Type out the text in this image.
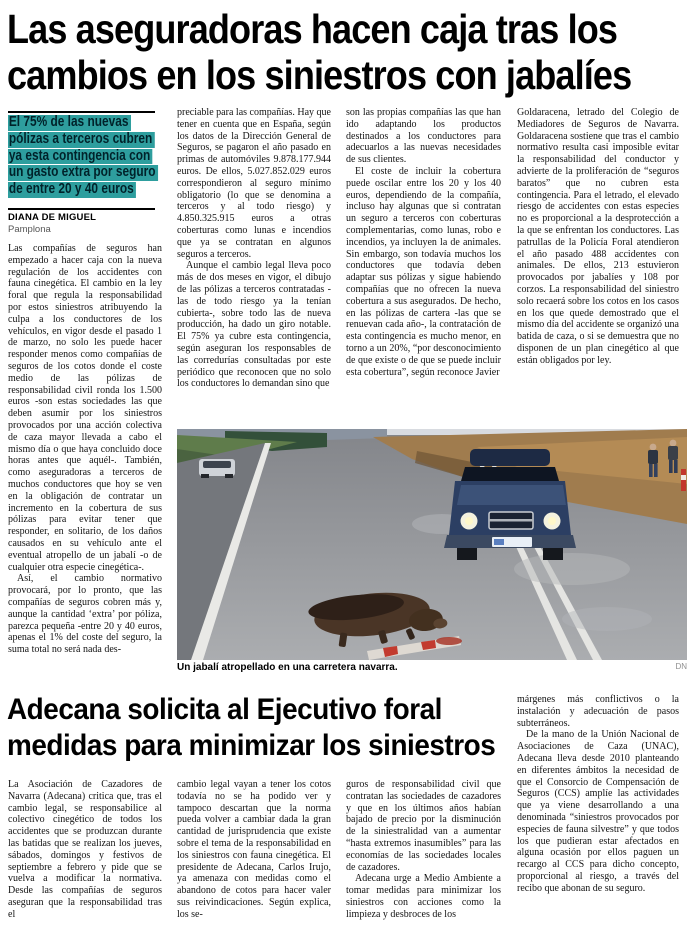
Las aseguradoras hacen caja tras los
cambios en los siniestros con jabalíes
El 75% de las nuevas
pólizas a terceros cubren
ya esta contingencia con
un gasto extra por seguro
de entre 20 y 40 euros
DIANA DE MIGUEL
Pamplona

Las compañías de seguros han empezado a hacer caja con la nueva regulación de los accidentes con fauna cinegética. El cambio en la ley foral que regula la responsabilidad por estos siniestros atribuyendo la culpa a los conductores de los vehículos, en vigor desde el pasado 1 de marzo, no solo les puede hacer responder menos como compañías de seguros de los cotos donde el coste medio de las pólizas de responsabilidad civil ronda los 1.500 euros -son estas sociedades las que deben asumir por los siniestros provocados por una acción colectiva de caza mayor llevada a cabo el mismo día o que haya concluido doce horas antes que aquél-. También, como aseguradoras a terceros de muchos conductores que hoy se ven en la obligación de contratar un incremento en la cobertura de sus pólizas para evitar tener que responder, en solitario, de los daños causados en su vehículo ante el eventual atropello de un jabalí -o de cualquier otra especie cinegética-.

Así, el cambio normativo provocará, por lo pronto, que las compañías de seguros cobren más y, aunque la cantidad ‘extra’ por póliza, parezca pequeña -entre 20 y 40 euros, apenas el 1% del coste del seguro, la suma total no será nada des-

preciable para las compañías. Hay que tener en cuenta que en España, según los datos de la Dirección General de Seguros, se pagaron el año pasado en primas de automóviles 9.878.177.944 euros. De ellos, 5.027.852.029 euros correspondieron al seguro mínimo obligatorio (lo que se denomina a terceros y al todo riesgo) y 4.850.325.915 euros a otras coberturas como lunas e incendios que ya se contratan en algunos seguros a terceros.

Aunque el cambio legal lleva poco más de dos meses en vigor, el dibujo de las pólizas a terceros contratadas -las de todo riesgo ya la tenían cubierta-, sobre todo las de nueva producción, ha dado un giro notable. El 75% ya cubre esta contingencia, según aseguran los responsables de las corredurías consultadas por este periódico que reconocen que no solo los conductores lo demandan sino que

son las propias compañías las que han ido adaptando los productos destinados a los conductores para adecuarlos a las nuevas necesidades de sus clientes.

El coste de incluir la cobertura puede oscilar entre los 20 y los 40 euros, dependiendo de la compañía, incluso hay algunas que si contratan un seguro a terceros con coberturas complementarias, como lunas, robo e incendios, ya incluyen la de animales. Sin embargo, son todavía muchos los conductores que todavía deben adaptar sus pólizas y sigue habiendo compañías que no ofrecen la nueva cobertura a sus asegurados. De hecho, en las pólizas de cartera -las que se renuevan cada año-, la contratación de esta contingencia es mucho menor, en torno a un 20%, “por desconocimiento de que existe o de que se puede incluir esta cobertura”, según reconoce Javier

Goldaracena, letrado del Colegio de Mediadores de Seguros de Navarra. Goldaracena sostiene que tras el cambio normativo resulta casi imposible evitar la responsabilidad del conductor y advierte de la proliferación de “seguros baratos” que no cubren esta contingencia. Para el letrado, el elevado riesgo de accidentes con estas especies no es proporcional a la desprotección a la que se enfrentan los conductores. Las patrullas de la Policía Foral atendieron el año pasado 488 accidentes con animales. De ellos, 213 estuvieron provocados por jabalíes y 108 por corzos. La responsabilidad del siniestro solo recaerá sobre los cotos en los casos en los que quede demostrado que el mismo día del accidente se organizó una batida de caza, o si se demuestra que no disponen de un plan cinegético al que están obligados por ley.

Un jabalí atropellado en una carretera navarra.	DN
Adecana solicita al Ejecutivo foral
medidas para minimizar los siniestros

La Asociación de Cazadores de Navarra (Adecana) critica que, tras el cambio legal, se responsabilice al colectivo cinegético de todos los accidentes que se produzcan durante las batidas que se realizan los jueves, sábados, domingos y festivos de septiembre a febrero y pide que se vuelva a modificar la normativa. Desde las compañías de seguros aseguran que la responsabilidad tras el

cambio legal vayan a tener los cotos todavía no se ha podido ver y tampoco descartan que la norma pueda volver a cambiar dada la gran cantidad de jurisprudencia que existe sobre el tema de la responsabilidad en los siniestros con fauna cinegética. El presidente de Adecana, Carlos Irujo, ya amenaza con medidas como el abandono de cotos para hacer valer sus reivindicaciones. Según explica, los se-

guros de responsabilidad civil que contratan las sociedades de cazadores y que en los últimos años habían bajado de precio por la disminución de la siniestralidad van a aumentar “hasta extremos inasumibles” para las economías de las sociedades locales de cazadores.

Adecana urge a Medio Ambiente a tomar medidas para minimizar los siniestros con acciones como la limpieza y desbroces de los

márgenes más conflictivos o la instalación y adecuación de pasos subterráneos.

De la mano de la Unión Nacional de Asociaciones de Caza (UNAC), Adecana lleva desde 2010 planteando en diferentes ámbitos la necesidad de que el Consorcio de Compensación de Seguros (CCS) amplíe las actividades que ya viene desarrollando a una denominada “siniestros provocados por especies de fauna silvestre” y que todos los que pudieran estar afectados en alguna ocasión por ellos paguen un recargo al CCS para dicho concepto, proporcional al riesgo, a través del recibo que abonan de su seguro.
